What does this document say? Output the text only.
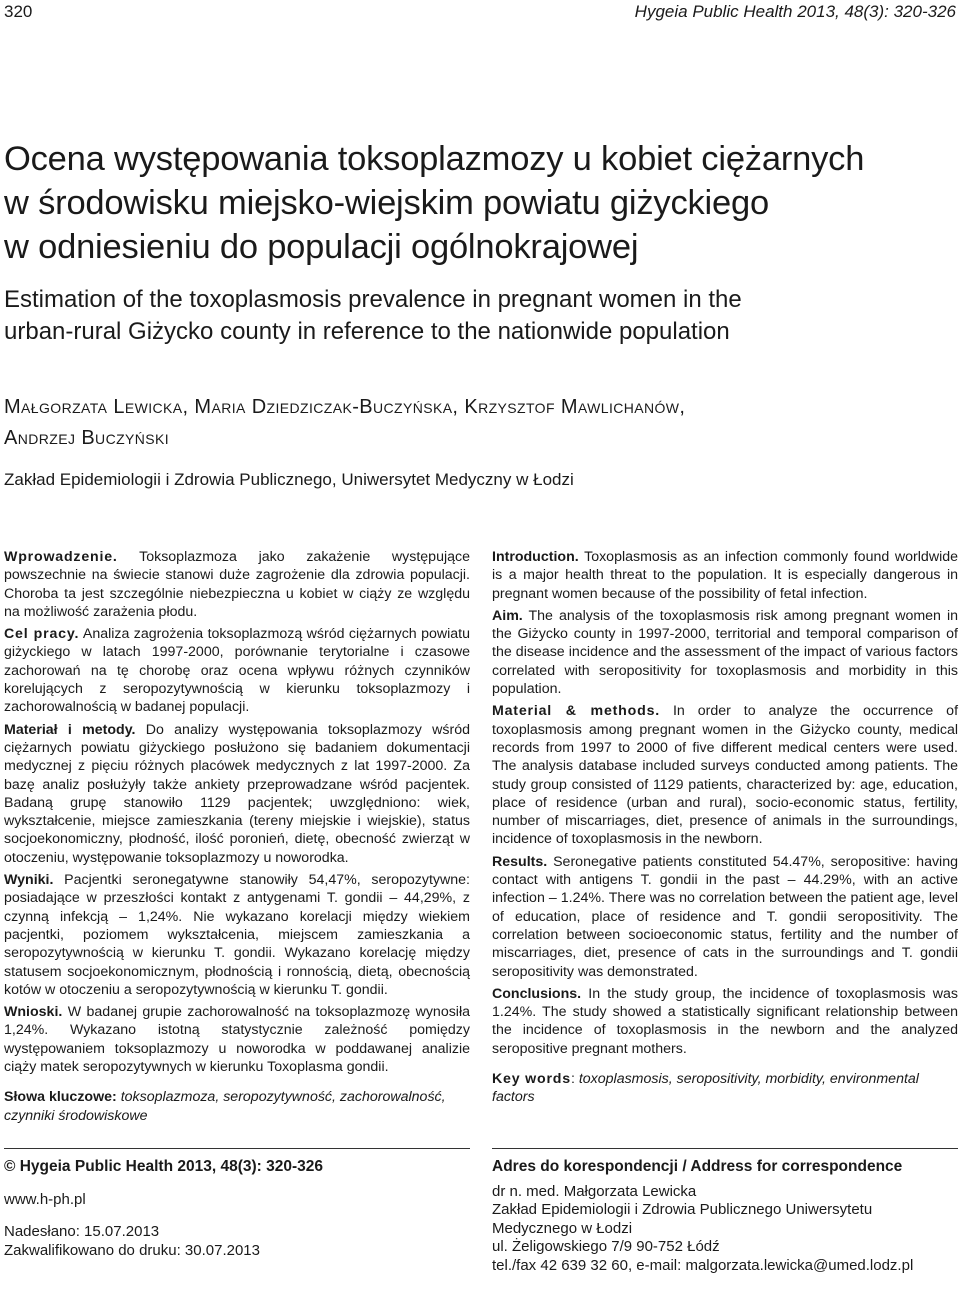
320	Hygeia Public Health 2013, 48(3): 320-326
Ocena występowania toksoplazmozy u kobiet ciężarnych
w środowisku miejsko-wiejskim powiatu giżyckiego
w odniesieniu do populacji ogólnokrajowej
Estimation of the toxoplasmosis prevalence in pregnant women in the
urban-rural Giżycko county in reference to the nationwide population
Małgorzata Lewicka, Maria Dziedziczak-Buczyńska, Krzysztof Mawlichanów,
Andrzej Buczyński
Zakład Epidemiologii i Zdrowia Publicznego, Uniwersytet Medyczny w Łodzi

Wprowadzenie. Toksoplazmoza jako zakażenie występujące powszechnie na świecie stanowi duże zagrożenie dla zdrowia populacji. Choroba ta jest szczególnie niebezpieczna u kobiet w ciąży ze względu na możliwość zarażenia płodu.

Cel pracy. Analiza zagrożenia toksoplazmozą wśród ciężarnych powiatu giżyckiego w latach 1997-2000, porównanie terytorialne i czasowe zachorowań na tę chorobę oraz ocena wpływu różnych czynników korelujących z seropozytywnością w kierunku toksoplazmozy i zachorowalnością w badanej populacji.

Materiał i metody. Do analizy występowania toksoplazmozy wśród ciężarnych powiatu giżyckiego posłużono się badaniem dokumentacji medycznej z pięciu różnych placówek medycznych z lat 1997-2000. Za bazę analiz posłużyły także ankiety przeprowadzane wśród pacjentek. Badaną grupę stanowiło 1129 pacjentek; uwzględniono: wiek, wykształcenie, miejsce zamieszkania (tereny miejskie i wiejskie), status socjoekonomiczny, płodność, ilość poronień, dietę, obecność zwierząt w otoczeniu, występowanie toksoplazmozy u noworodka.

Wyniki. Pacjentki seronegatywne stanowiły 54,47%, seropozytywne: posiadające w przeszłości kontakt z antygenami T. gondii – 44,29%, z czynną infekcją – 1,24%. Nie wykazano korelacji między wiekiem pacjentki, poziomem wykształcenia, miejscem zamieszkania a seropozytywnością w kierunku T. gondii. Wykazano korelację między statusem socjoekonomicznym, płodnością i ronnością, dietą, obecnością kotów w otoczeniu a seropozytywnością w kierunku T. gondii.

Wnioski. W badanej grupie zachorowalność na toksoplazmozę wynosiła 1,24%. Wykazano istotną statystycznie zależność pomiędzy występowaniem toksoplazmozy u noworodka w poddawanej analizie ciąży matek seropozytywnych w kierunku Toxoplasma gondii.

Słowa kluczowe: toksoplazmoza, seropozytywność, zachorowalność, czynniki środowiskowe

Introduction. Toxoplasmosis as an infection commonly found worldwide is a major health threat to the population. It is especially dangerous in pregnant women because of the possibility of fetal infection.

Aim. The analysis of the toxoplasmosis risk among pregnant women in the Giżycko county in 1997-2000, territorial and temporal comparison of the disease incidence and the assessment of the impact of various factors correlated with seropositivity for toxoplasmosis and morbidity in this population.

Material & methods. In order to analyze the occurrence of toxoplasmosis among pregnant women in the Giżycko county, medical records from 1997 to 2000 of five different medical centers were used. The analysis database included surveys conducted among patients. The study group consisted of 1129 patients, characterized by: age, education, place of residence (urban and rural), socio-economic status, fertility, number of miscarriages, diet, presence of animals in the surroundings, incidence of toxoplasmosis in the newborn.

Results. Seronegative patients constituted 54.47%, seropositive: having contact with antigens T. gondii in the past – 44.29%, with an active infection – 1.24%. There was no correlation between the patient age, level of education, place of residence and T. gondii seropositivity. The correlation between socioeconomic status, fertility and the number of miscarriages, diet, presence of cats in the surroundings and T. gondii seropositivity was demonstrated.

Conclusions. In the study group, the incidence of toxoplasmosis was 1.24%. The study showed a statistically significant relationship between the incidence of toxoplasmosis in the newborn and the analyzed seropositive pregnant mothers.

Key words: toxoplasmosis, seropositivity, morbidity, environmental factors

© Hygeia Public Health 2013, 48(3): 320-326
www.h-ph.pl
Nadesłano: 15.07.2013
Zakwalifikowano do druku: 30.07.2013
Adres do korespondencji / Address for correspondence
dr n. med. Małgorzata Lewicka
Zakład Epidemiologii i Zdrowia Publicznego Uniwersytetu
Medycznego w Łodzi
ul. Żeligowskiego 7/9 90-752 Łódź
tel./fax 42 639 32 60, e-mail: malgorzata.lewicka@umed.lodz.pl
